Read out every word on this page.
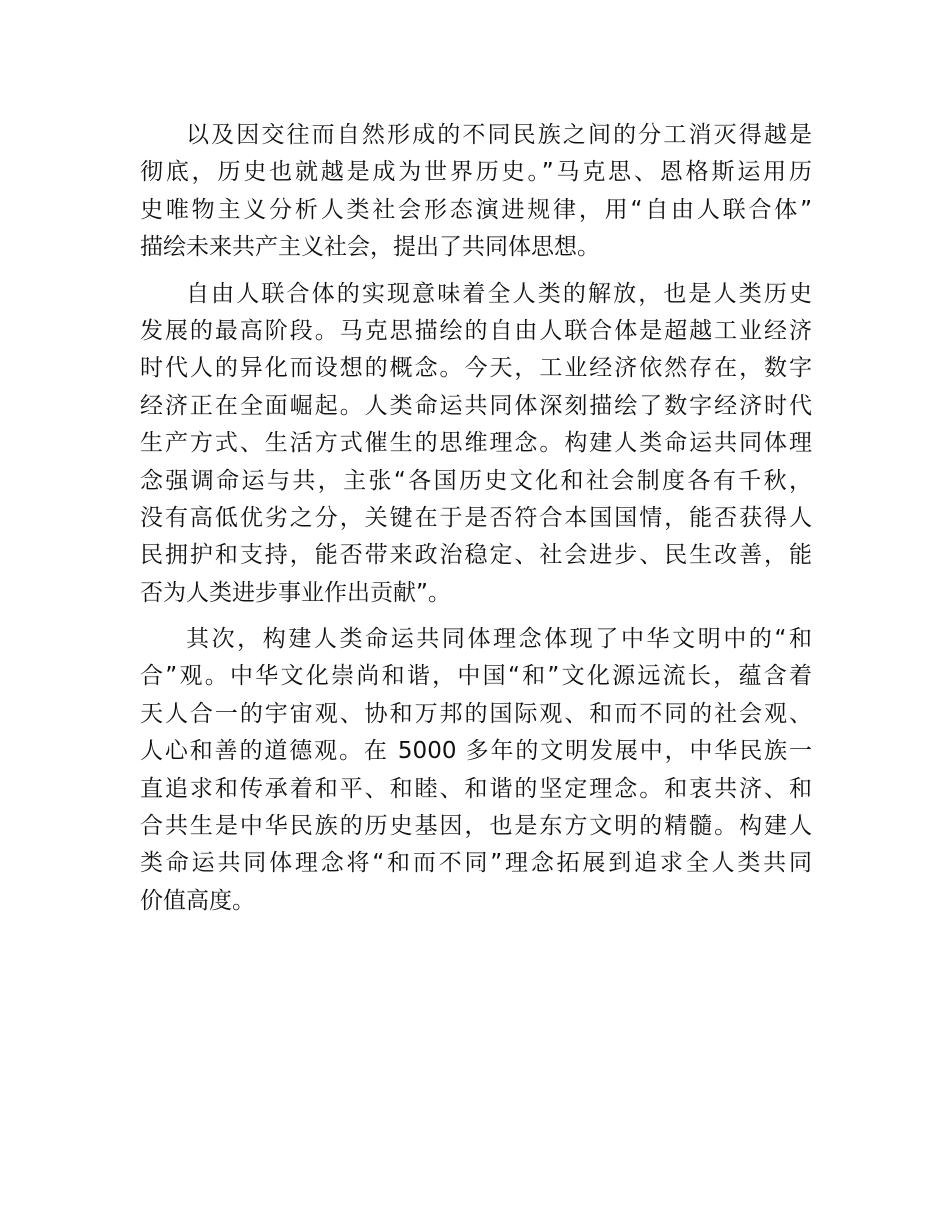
以及因交往而自然形成的不同民族之间的分工消灭得越是
彻底，历史也就越是成为世界历史。”马克思、恩格斯运用历
史唯物主义分析人类社会形态演进规律，用“自由人联合体”
描绘未来共产主义社会，提出了共同体思想。
自由人联合体的实现意味着全人类的解放，也是人类历史
发展的最高阶段。马克思描绘的自由人联合体是超越工业经济
时代人的异化而设想的概念。今天，工业经济依然存在，数字
经济正在全面崛起。人类命运共同体深刻描绘了数字经济时代
生产方式、生活方式催生的思维理念。构建人类命运共同体理
念强调命运与共，主张“各国历史文化和社会制度各有千秋，
没有高低优劣之分，关键在于是否符合本国国情，能否获得人
民拥护和支持，能否带来政治稳定、社会进步、民生改善，能
否为人类进步事业作出贡献”。
其次，构建人类命运共同体理念体现了中华文明中的“和
合”观。中华文化崇尚和谐，中国“和”文化源远流长，蕴含着
天人合一的宇宙观、协和万邦的国际观、和而不同的社会观、
人心和善的道德观。在 5000 多年的文明发展中，中华民族一
直追求和传承着和平、和睦、和谐的坚定理念。和衷共济、和
合共生是中华民族的历史基因，也是东方文明的精髓。构建人
类命运共同体理念将“和而不同”理念拓展到追求全人类共同
价值高度。
